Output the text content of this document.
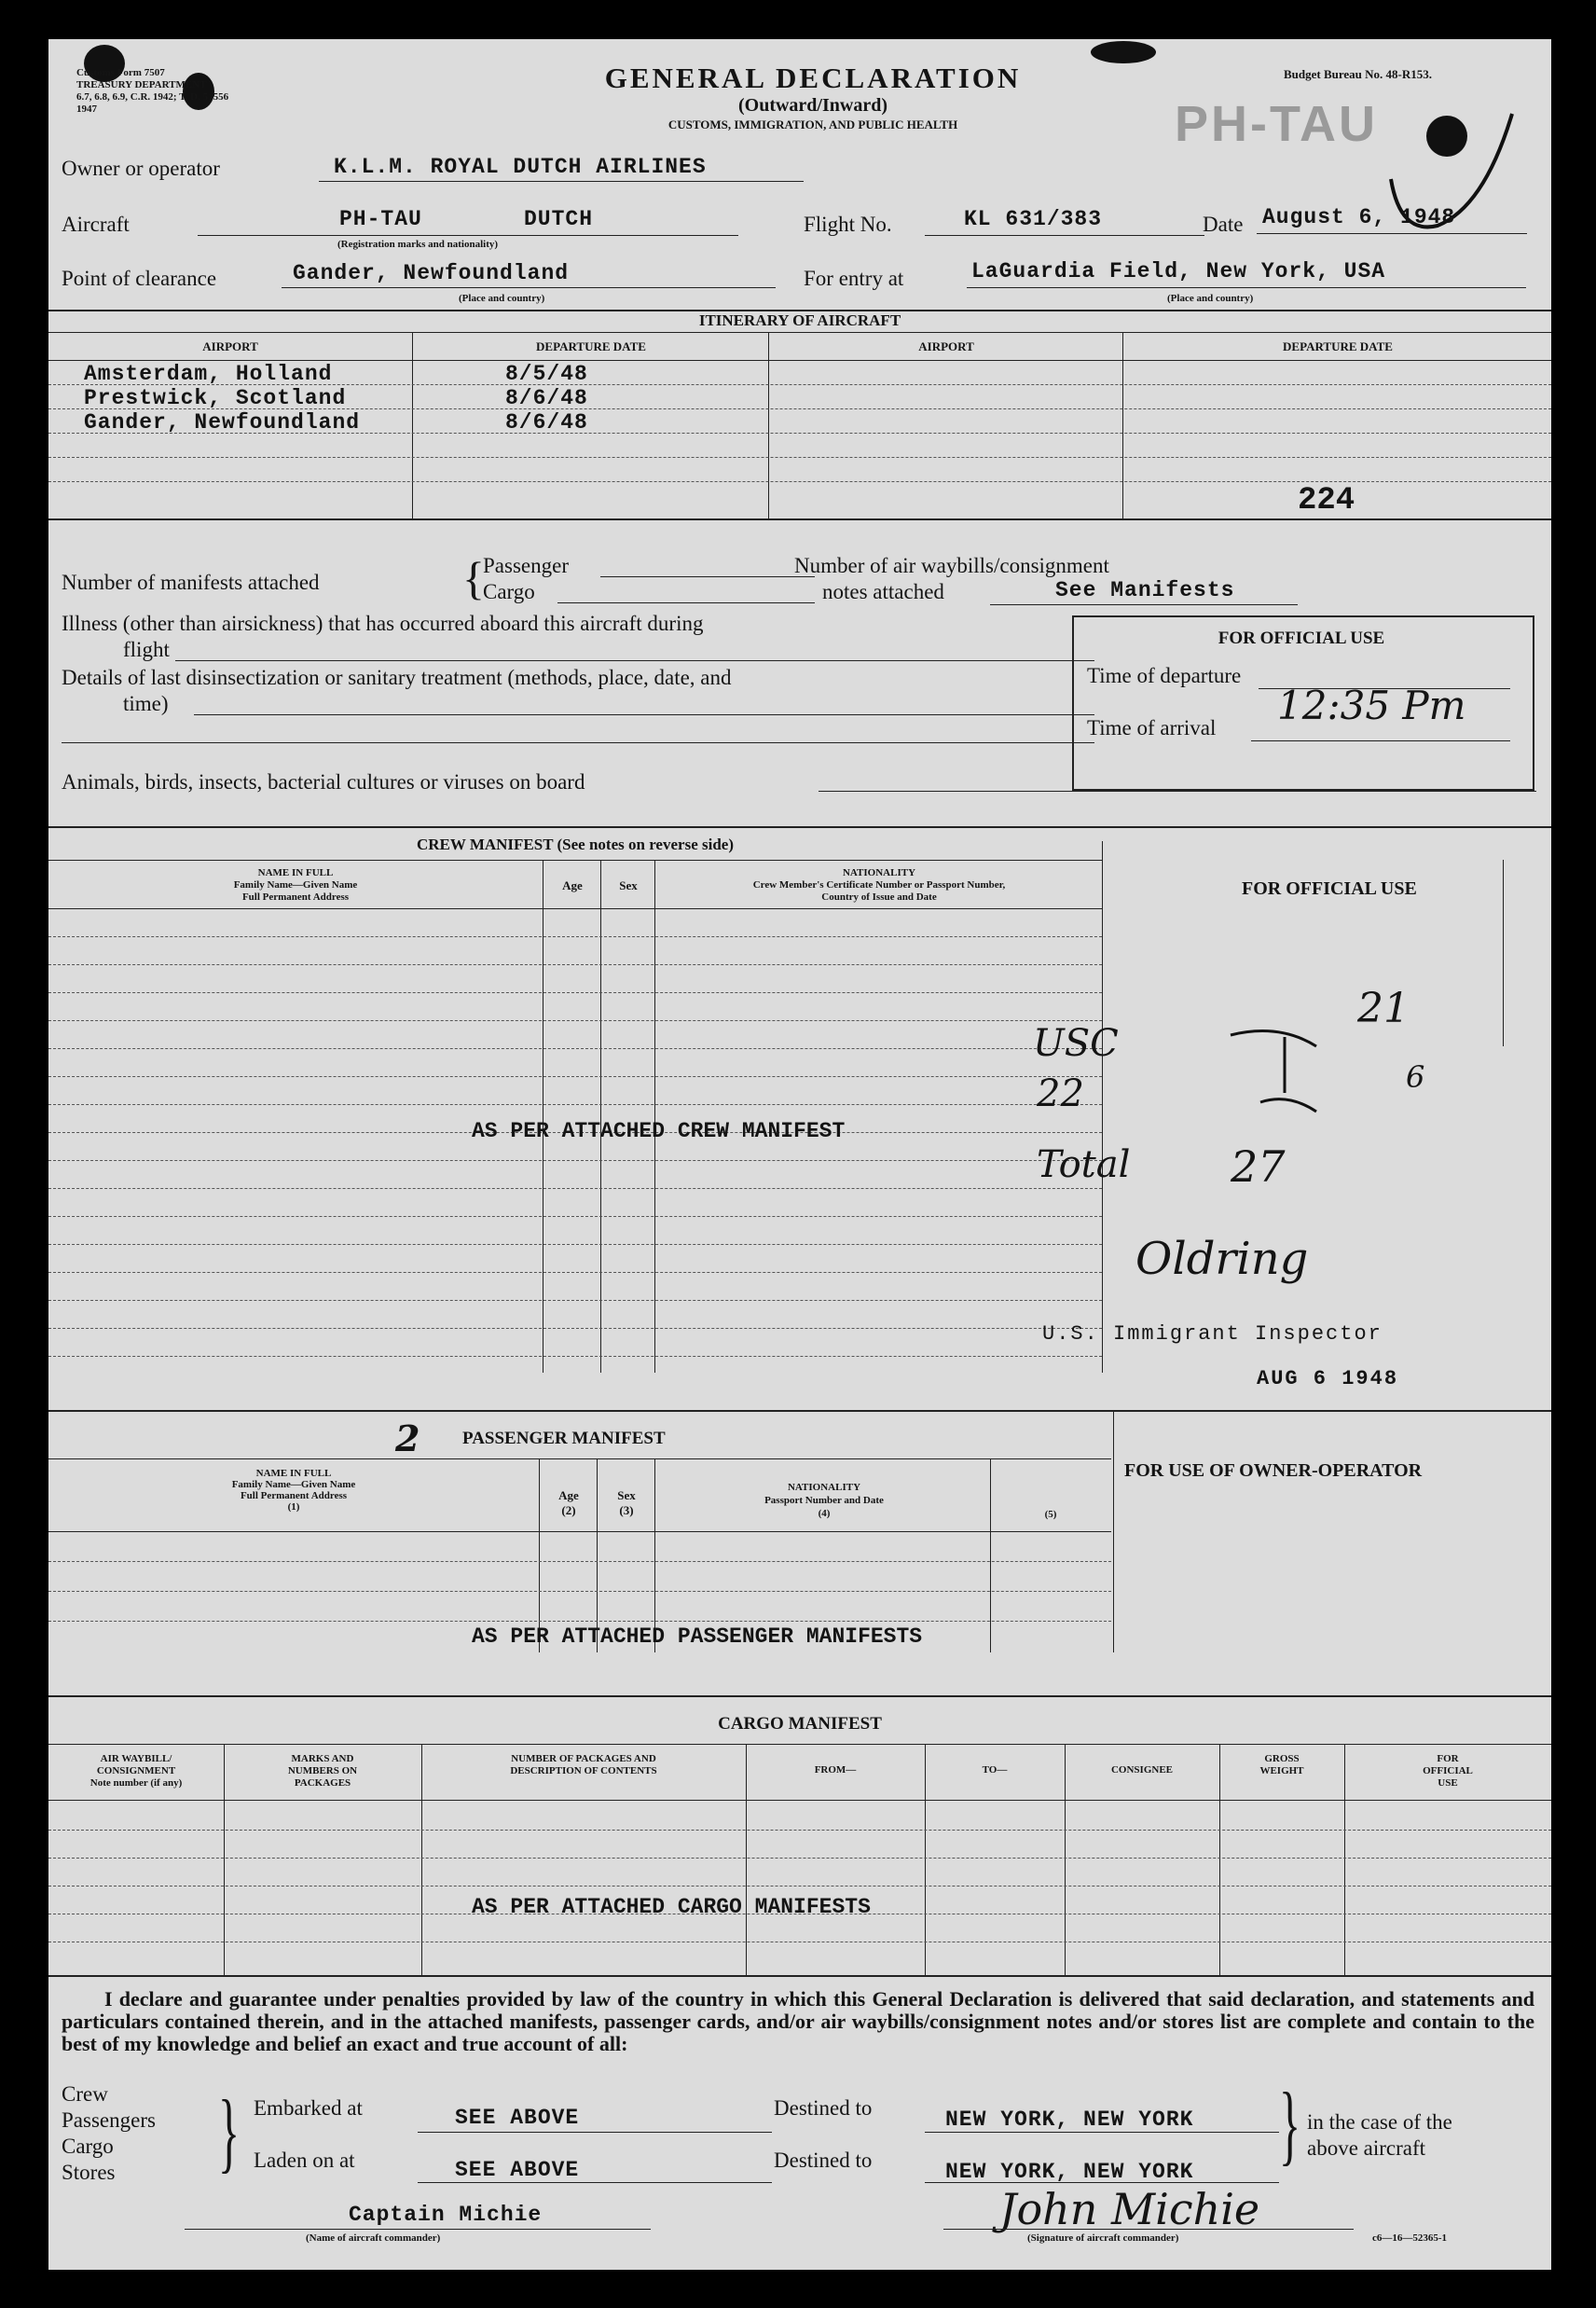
Customs Form 7507
TREASURY DEPARTMENT
6.7, 6.8, 6.9, C.R. 1942; T. D. 51556
1947
GENERAL DECLARATION
(Outward/Inward)
CUSTOMS, IMMIGRATION, AND PUBLIC HEALTH
Budget Bureau No. 48-R153.
PH-TAU
Owner or operator	K.L.M. ROYAL DUTCH AIRLINES
Aircraft	PH-TAU	DUTCH
(Registration marks and nationality)
Flight No.	KL 631/383	Date August 6, 1948
Point of clearance	Gander, Newfoundland
(Place and country)
For entry at	LaGuardia Field, New York, USA
(Place and country)
ITINERARY OF AIRCRAFT
AIRPORT	DEPARTURE DATE	AIRPORT	DEPARTURE DATE
Amsterdam, Holland	8/5/48
Prestwick, Scotland	8/6/48
Gander, Newfoundland	8/6/48
224
Number of manifests attached	{
Passenger
Cargo
Number of air waybills/consignment
notes attached	See Manifests
Illness (other than airsickness) that has occurred aboard this aircraft during
flight
Details of last disinsectization or sanitary treatment (methods, place, date, and
time)
Animals, birds, insects, bacterial cultures or viruses on board
FOR OFFICIAL USE
Time of departure
Time of arrival 12:35 Pm
CREW MANIFEST (See notes on reverse side)
NAME IN FULL
Family Name—Given Name
Full Permanent Address
Age	Sex
NATIONALITY
Crew Member's Certificate Number or Passport Number,
Country of Issue and Date	FOR OFFICIAL USE
AS PER ATTACHED CREW MANIFEST
USC
22
21
6
Total 27
Oldring
U.S. Immigrant Inspector
AUG 6 1948
2 PASSENGER MANIFEST
FOR USE OF OWNER-OPERATOR
NAME IN FULL
Family Name—Given Name
Full Permanent Address
(1)
Age
(2)
Sex
(3)
NATIONALITY
Passport Number and Date
(4)	(5)
AS PER ATTACHED PASSENGER MANIFESTS
CARGO MANIFEST
AIR WAYBILL/
CONSIGNMENT
Note number (if any)
MARKS AND
NUMBERS ON
PACKAGES
NUMBER OF PACKAGES AND
DESCRIPTION OF CONTENTS	FROM—	TO—	CONSIGNEE
GROSS
WEIGHT
FOR
OFFICIAL
USE
AS PER ATTACHED CARGO MANIFESTS
I declare and guarantee under penalties provided by law of the country in which this General Declaration is delivered that said declaration, and statements and particulars contained therein, and in the attached manifests, passenger cards, and/or air waybills/consignment notes and/or stores list are complete and contain to the best of my knowledge and belief an exact and true account of all:
Crew
Passengers
Cargo
Stores	} Embarked at	SEE ABOVE
Laden on at	SEE ABOVE
Destined to	NEW YORK, NEW YORK
Destined to	NEW YORK, NEW YORK } in the case of the
above aircraft
Captain Michie
(Name of aircraft commander)
John Michie
(Signature of aircraft commander)	c6—16—52365-1
